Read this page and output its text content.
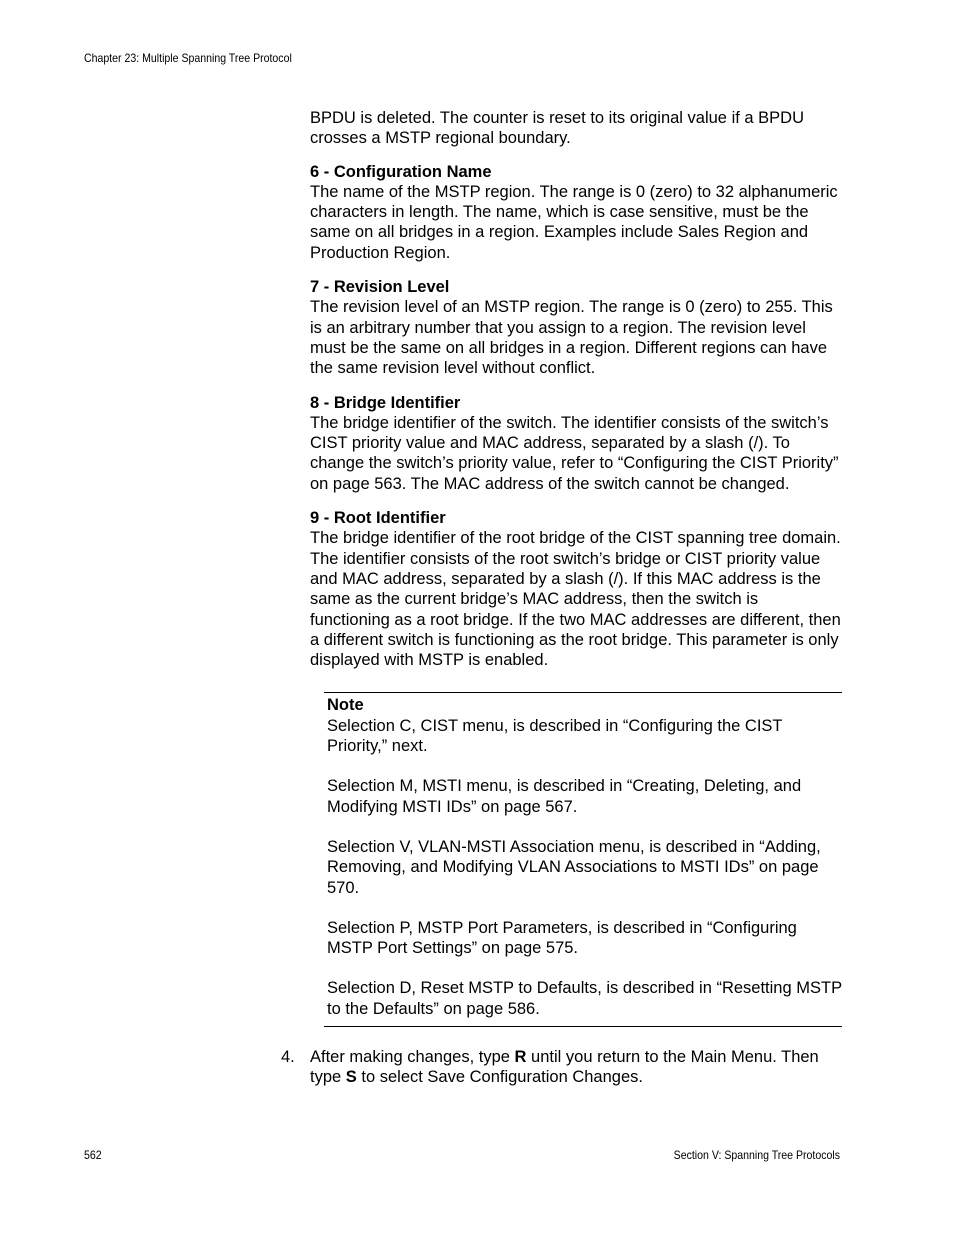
Chapter 23: Multiple Spanning Tree Protocol

BPDU is deleted. The counter is reset to its original value if a BPDU crosses a MSTP regional boundary.

6 - Configuration Name

The name of the MSTP region. The range is 0 (zero) to 32 alphanumeric characters in length. The name, which is case sensitive, must be the same on all bridges in a region. Examples include Sales Region and Production Region.

7 - Revision Level

The revision level of an MSTP region. The range is 0 (zero) to 255. This is an arbitrary number that you assign to a region. The revision level must be the same on all bridges in a region. Different regions can have the same revision level without conflict.

8 - Bridge Identifier

The bridge identifier of the switch. The identifier consists of the switch’s CIST priority value and MAC address, separated by a slash (/). To change the switch’s priority value, refer to “Configuring the CIST Priority” on page 563. The MAC address of the switch cannot be changed.

9 - Root Identifier

The bridge identifier of the root bridge of the CIST spanning tree domain. The identifier consists of the root switch’s bridge or CIST priority value and MAC address, separated by a slash (/). If this MAC address is the same as the current bridge’s MAC address, then the switch is functioning as a root bridge. If the two MAC addresses are different, then a different switch is functioning as the root bridge. This parameter is only displayed with MSTP is enabled.

Note

Selection C, CIST menu, is described in “Configuring the CIST Priority,” next.

Selection M, MSTI menu, is described in “Creating, Deleting, and Modifying MSTI IDs” on page 567.

Selection V, VLAN-MSTI Association menu, is described in “Adding, Removing, and Modifying VLAN Associations to MSTI IDs” on page 570.

Selection P, MSTP Port Parameters, is described in “Configuring MSTP Port Settings” on page 575.

Selection D, Reset MSTP to Defaults, is described in “Resetting MSTP to the Defaults” on page 586.

4. After making changes, type R until you return to the Main Menu. Then type S to select Save Configuration Changes.

562	Section V: Spanning Tree Protocols
